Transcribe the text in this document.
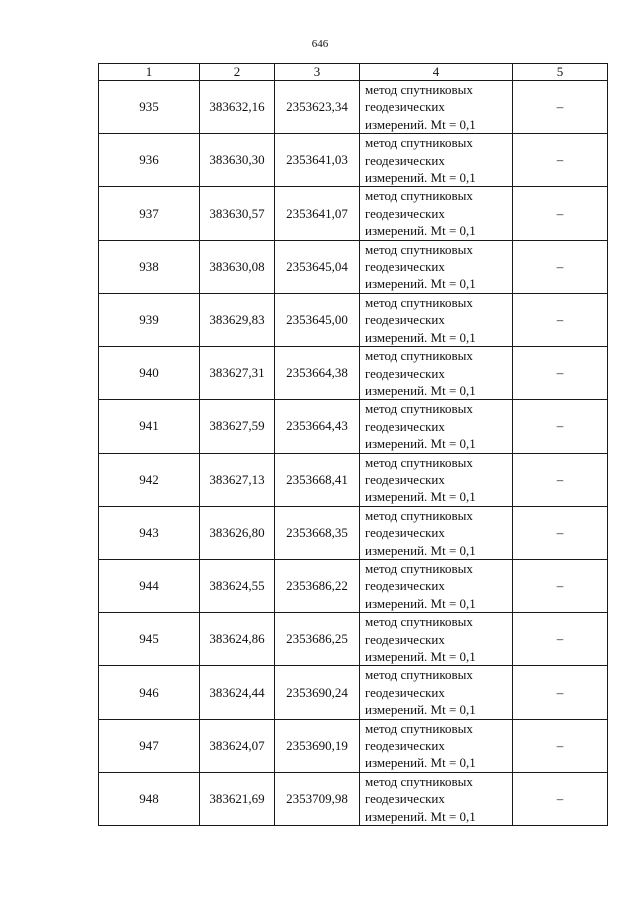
646
1	2	3	4	5
935	383632,16	2353623,34	метод спутниковых
геодезических
измерений. Mt = 0,1	–
936	383630,30	2353641,03	метод спутниковых
геодезических
измерений. Mt = 0,1	–
937	383630,57	2353641,07	метод спутниковых
геодезических
измерений. Mt = 0,1	–
938	383630,08	2353645,04	метод спутниковых
геодезических
измерений. Mt = 0,1	–
939	383629,83	2353645,00	метод спутниковых
геодезических
измерений. Mt = 0,1	–
940	383627,31	2353664,38	метод спутниковых
геодезических
измерений. Mt = 0,1	–
941	383627,59	2353664,43	метод спутниковых
геодезических
измерений. Mt = 0,1	–
942	383627,13	2353668,41	метод спутниковых
геодезических
измерений. Mt = 0,1	–
943	383626,80	2353668,35	метод спутниковых
геодезических
измерений. Mt = 0,1	–
944	383624,55	2353686,22	метод спутниковых
геодезических
измерений. Mt = 0,1	–
945	383624,86	2353686,25	метод спутниковых
геодезических
измерений. Mt = 0,1	–
946	383624,44	2353690,24	метод спутниковых
геодезических
измерений. Mt = 0,1	–
947	383624,07	2353690,19	метод спутниковых
геодезических
измерений. Mt = 0,1	–
948	383621,69	2353709,98	метод спутниковых
геодезических
измерений. Mt = 0,1	–
